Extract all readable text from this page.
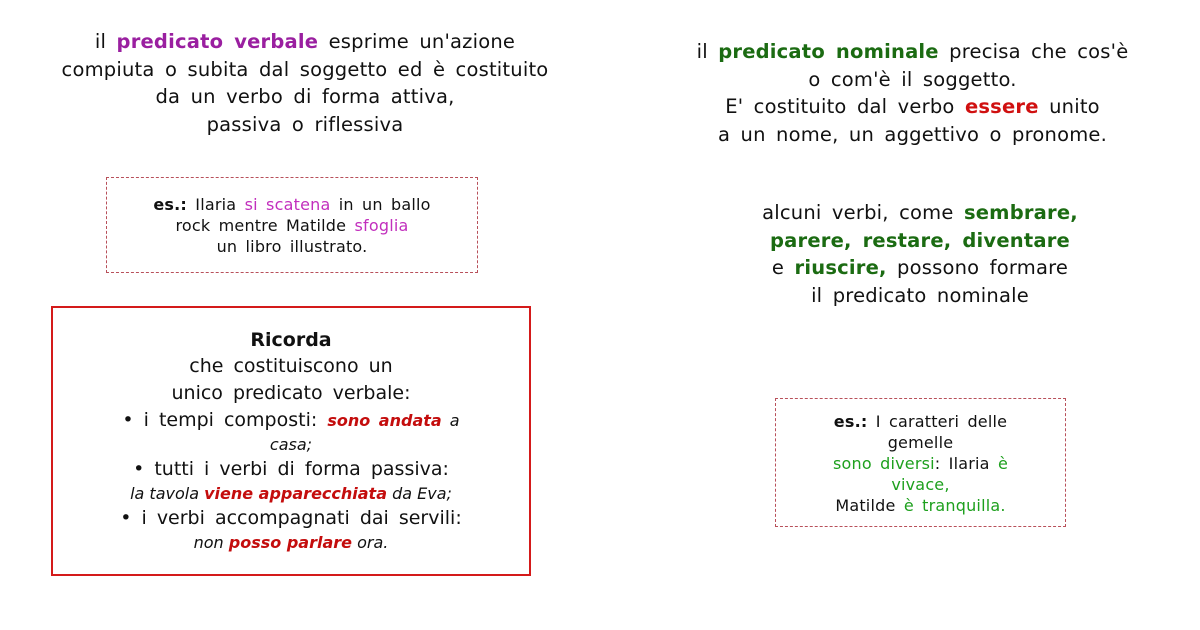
il predicato verbale esprime un'azione
compiuta o subita dal soggetto ed è costituito
da un verbo di forma attiva,
passiva o riflessiva
es.: Ilaria si scatena in un ballo
rock mentre Matilde sfoglia
un libro illustrato.
Ricorda
che costituiscono un
unico predicato verbale:
• i tempi composti: sono andata a
casa;
• tutti i verbi di forma passiva:
la tavola viene apparecchiata da Eva;
• i verbi accompagnati dai servili:
non posso parlare ora.
il predicato nominale precisa che cos'è
o com'è il soggetto.
E' costituito dal verbo essere unito
a un nome, un aggettivo o pronome.
alcuni verbi, come sembrare,
parere, restare, diventare
e riuscire, possono formare
il predicato nominale
es.: I caratteri delle
gemelle
sono diversi: Ilaria è
vivace,
Matilde è tranquilla.
